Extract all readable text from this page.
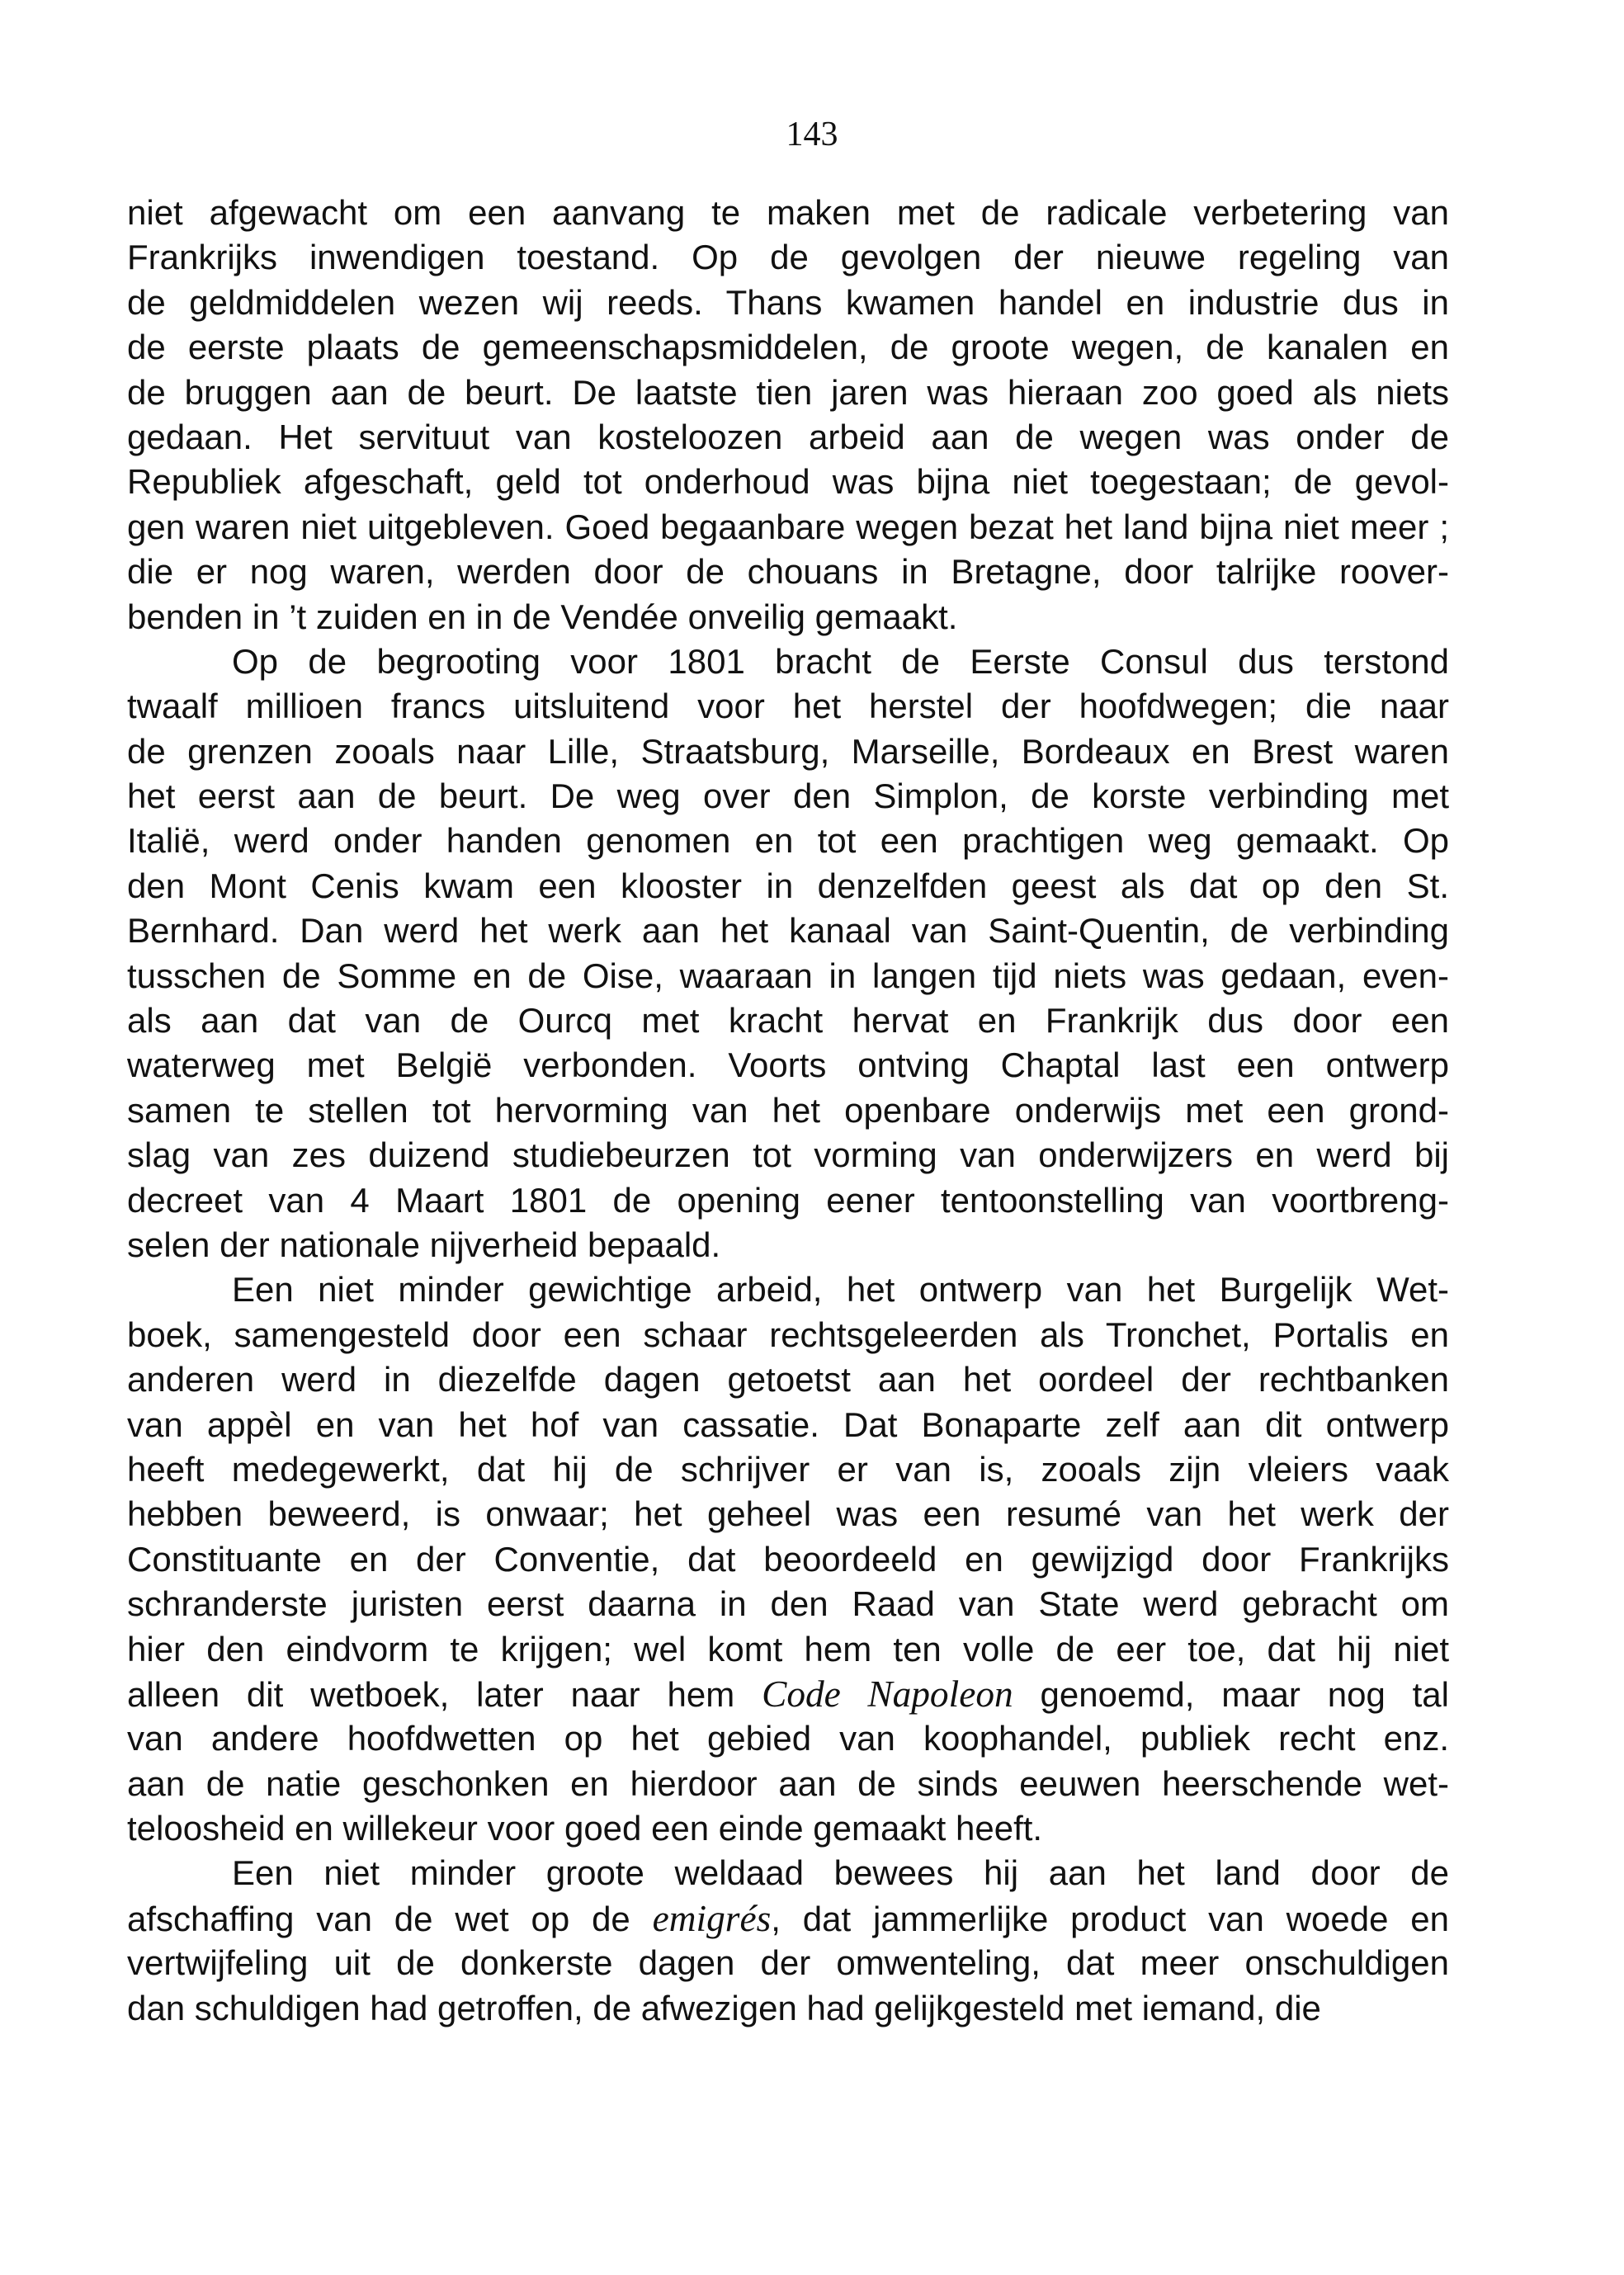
143
niet afgewacht om een aanvang te maken met de radicale verbetering van
Frankrijks inwendigen toestand. Op de gevolgen der nieuwe regeling van
de geldmiddelen wezen wij reeds. Thans kwamen handel en industrie dus in
de eerste plaats de gemeenschapsmiddelen, de groote wegen, de kanalen en
de bruggen aan de beurt. De laatste tien jaren was hieraan zoo goed als niets
gedaan. Het servituut van kosteloozen arbeid aan de wegen was onder de
Republiek afgeschaft, geld tot onderhoud was bijna niet toegestaan; de gevol-
gen waren niet uitgebleven. Goed begaanbare wegen bezat het land bijna niet meer ;
die er nog waren, werden door de chouans in Bretagne, door talrijke roover-
benden in ’t zuiden en in de Vendée onveilig gemaakt.
Op de begrooting voor 1801 bracht de Eerste Consul dus terstond
twaalf millioen francs uitsluitend voor het herstel der hoofdwegen; die naar
de grenzen zooals naar Lille, Straatsburg, Marseille, Bordeaux en Brest waren
het eerst aan de beurt. De weg over den Simplon, de korste verbinding met
Italië, werd onder handen genomen en tot een prachtigen weg gemaakt. Op
den Mont Cenis kwam een klooster in denzelfden geest als dat op den St.
Bernhard. Dan werd het werk aan het kanaal van Saint-Quentin, de verbinding
tusschen de Somme en de Oise, waaraan in langen tijd niets was gedaan, even-
als aan dat van de Ourcq met kracht hervat en Frankrijk dus door een
waterweg met België verbonden. Voorts ontving Chaptal last een ontwerp
samen te stellen tot hervorming van het openbare onderwijs met een grond-
slag van zes duizend studiebeurzen tot vorming van onderwijzers en werd bij
decreet van 4 Maart 1801 de opening eener tentoonstelling van voortbreng-
selen der nationale nijverheid bepaald.
Een niet minder gewichtige arbeid, het ontwerp van het Burgelijk Wet-
boek, samengesteld door een schaar rechtsgeleerden als Tronchet, Portalis en
anderen werd in diezelfde dagen getoetst aan het oordeel der rechtbanken
van appèl en van het hof van cassatie. Dat Bonaparte zelf aan dit ontwerp
heeft medegewerkt, dat hij de schrijver er van is, zooals zijn vleiers vaak
hebben beweerd, is onwaar; het geheel was een resumé van het werk der
Constituante en der Conventie, dat beoordeeld en gewijzigd door Frankrijks
schranderste juristen eerst daarna in den Raad van State werd gebracht om
hier den eindvorm te krijgen; wel komt hem ten volle de eer toe, dat hij niet
alleen dit wetboek, later naar hem Code Napoleon genoemd, maar nog tal
van andere hoofdwetten op het gebied van koophandel, publiek recht enz.
aan de natie geschonken en hierdoor aan de sinds eeuwen heerschende wet-
teloosheid en willekeur voor goed een einde gemaakt heeft.
Een niet minder groote weldaad bewees hij aan het land door de
afschaffing van de wet op de emigrés, dat jammerlijke product van woede en
vertwijfeling uit de donkerste dagen der omwenteling, dat meer onschuldigen
dan schuldigen had getroffen, de afwezigen had gelijkgesteld met iemand, die
